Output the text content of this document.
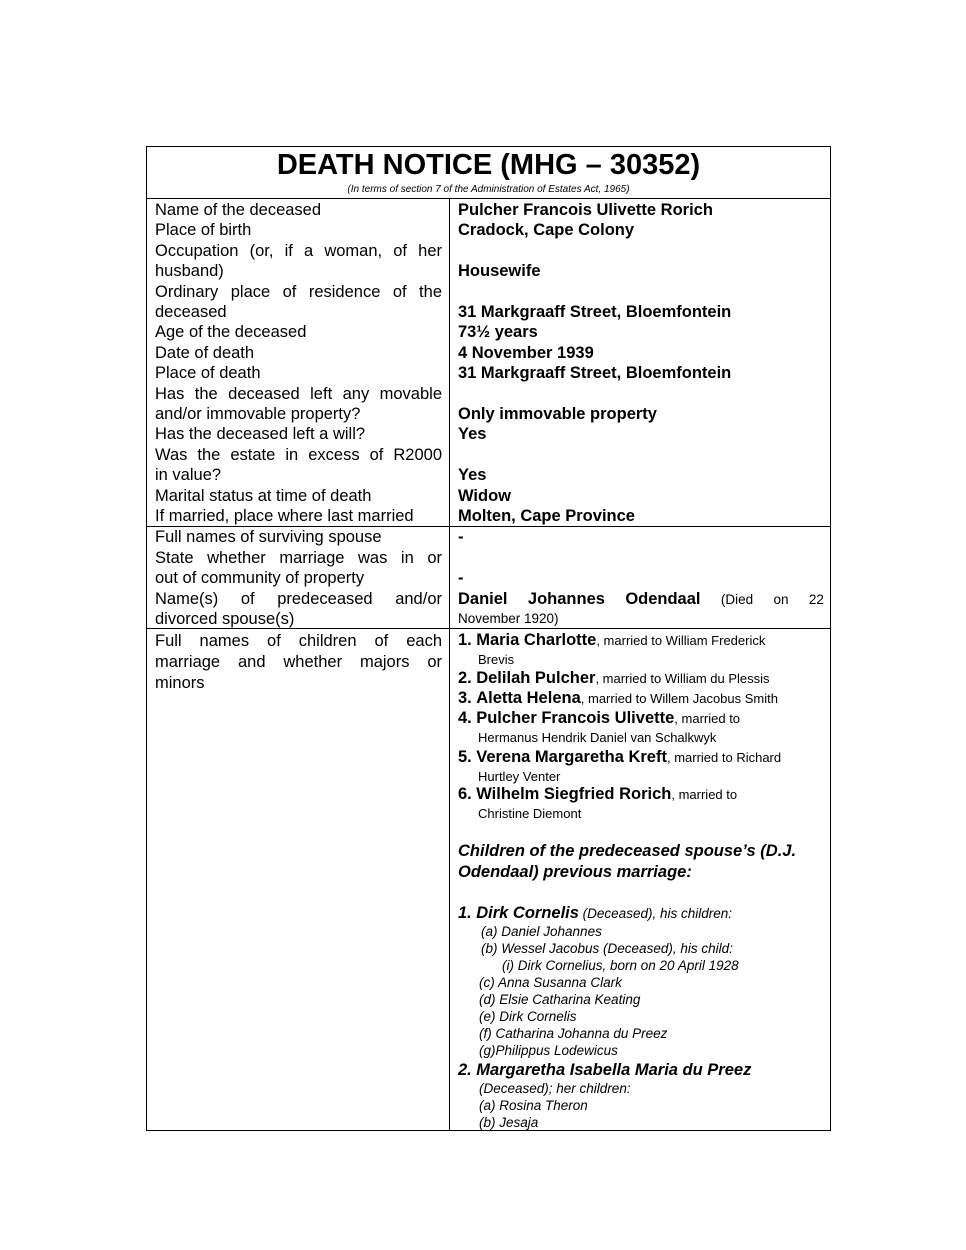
DEATH NOTICE (MHG – 30352)
(In terms of section 7 of the Administration of Estates Act, 1965)
Name of the deceased
Place of birth
Occupation (or, if a woman, of her
husband)
Ordinary place of residence of the
deceased
Age of the deceased
Date of death
Place of death
Has the deceased left any movable
and/or immovable property?
Has the deceased left a will?
Was the estate in excess of R2000
in value?
Marital status at time of death
If married, place where last married
Pulcher Francois Ulivette Rorich
Cradock, Cape Colony
Housewife
31 Markgraaff Street, Bloemfontein
73½ years
4 November 1939
31 Markgraaff Street, Bloemfontein
Only immovable property
Yes
Yes
Widow
Molten, Cape Province
Full names of surviving spouse
State whether marriage was in or
out of community of property
Name(s) of predeceased and/or
divorced spouse(s)
-
-
Daniel Johannes Odendaal (Died on 22
November 1920)
Full names of children of each
marriage and whether majors or
minors
1. Maria Charlotte, married to William Frederick
Brevis
2. Delilah Pulcher, married to William du Plessis
3. Aletta Helena, married to Willem Jacobus Smith
4. Pulcher Francois Ulivette, married to
Hermanus Hendrik Daniel van Schalkwyk
5. Verena Margaretha Kreft, married to Richard
Hurtley Venter
6. Wilhelm Siegfried Rorich, married to
Christine Diemont
Children of the predeceased spouse’s (D.J.
Odendaal) previous marriage:
1. Dirk Cornelis (Deceased), his children:
(a) Daniel Johannes
(b) Wessel Jacobus (Deceased), his child:
(i) Dirk Cornelius, born on 20 April 1928
(c) Anna Susanna Clark
(d) Elsie Catharina Keating
(e) Dirk Cornelis
(f) Catharina Johanna du Preez
(g)Philippus Lodewicus
2. Margaretha Isabella Maria du Preez
(Deceased); her children:
(a) Rosina Theron
(b) Jesaja
